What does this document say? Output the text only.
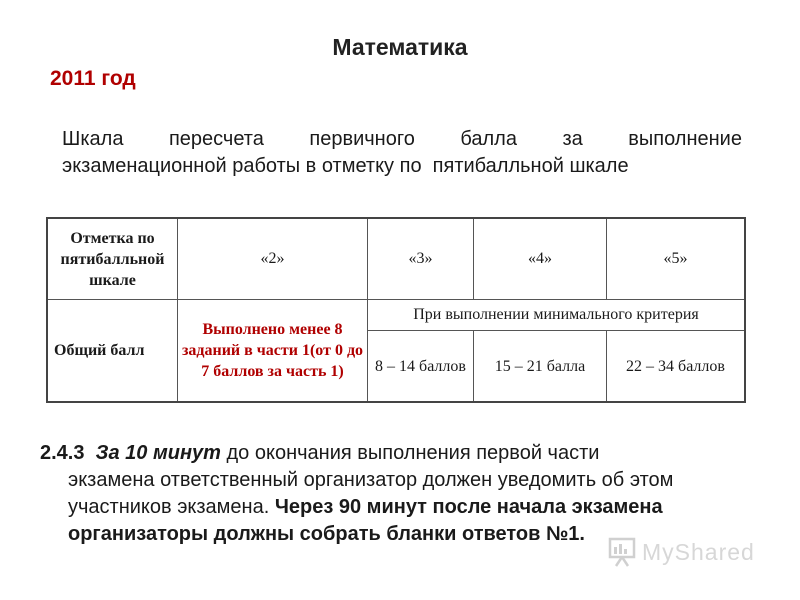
Математика
2011 год
Шкала пересчета первичного балла за выполнение
экзаменационной работы в отметку по  пятибалльной шкале
Отметка по пятибалльной шкале	«2»	«3»	«4»	«5»
Общий балл	Выполнено менее 8 заданий в части 1(от 0 до 7 баллов за часть 1)	При выполнении минимального критерия		
		8 – 14 баллов	15 – 21 балла	22 – 34 баллов
2.4.3 За 10 минут до окончания выполнения первой части
экзамена ответственный организатор должен уведомить об этом
участников экзамена. Через 90 минут после начала экзамена
организаторы должны собрать бланки ответов №1.
MyShared
